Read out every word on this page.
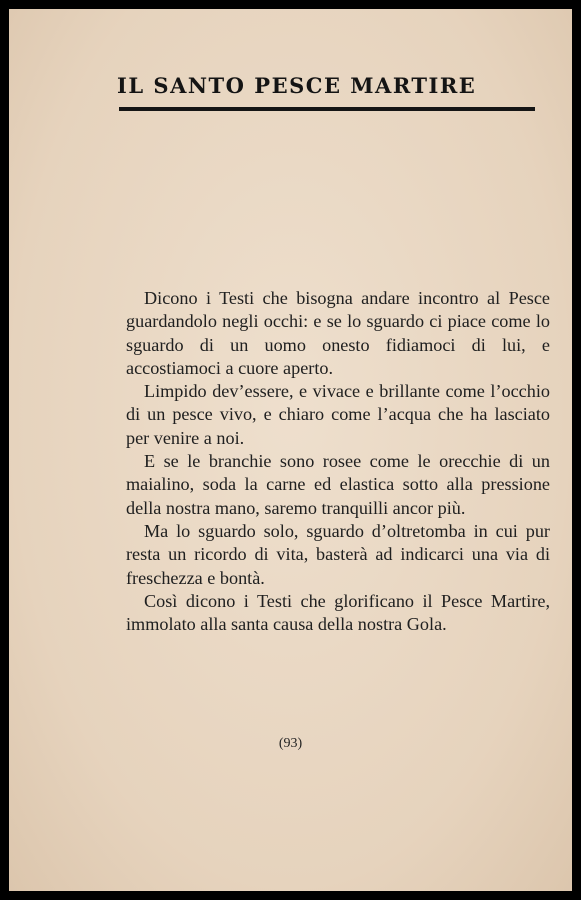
IL SANTO PESCE MARTIRE

Dicono i Testi che bisogna andare incontro al Pesce guardandolo negli occhi: e se lo sguardo ci piace come lo sguardo di un uomo onesto fidiamoci di lui, e accostiamoci a cuore aperto.

Limpido dev’essere, e vivace e brillante come l’occhio di un pesce vivo, e chiaro come l’acqua che ha lasciato per venire a noi.

E se le branchie sono rosee come le orecchie di un maialino, soda la carne ed elastica sotto alla pressione della nostra mano, saremo tranquilli ancor più.

Ma lo sguardo solo, sguardo d’oltretomba in cui pur resta un ricordo di vita, basterà ad indicarci una via di freschezza e bontà.

Così dicono i Testi che glorificano il Pesce Martire, immolato alla santa causa della nostra Gola.

(93)
